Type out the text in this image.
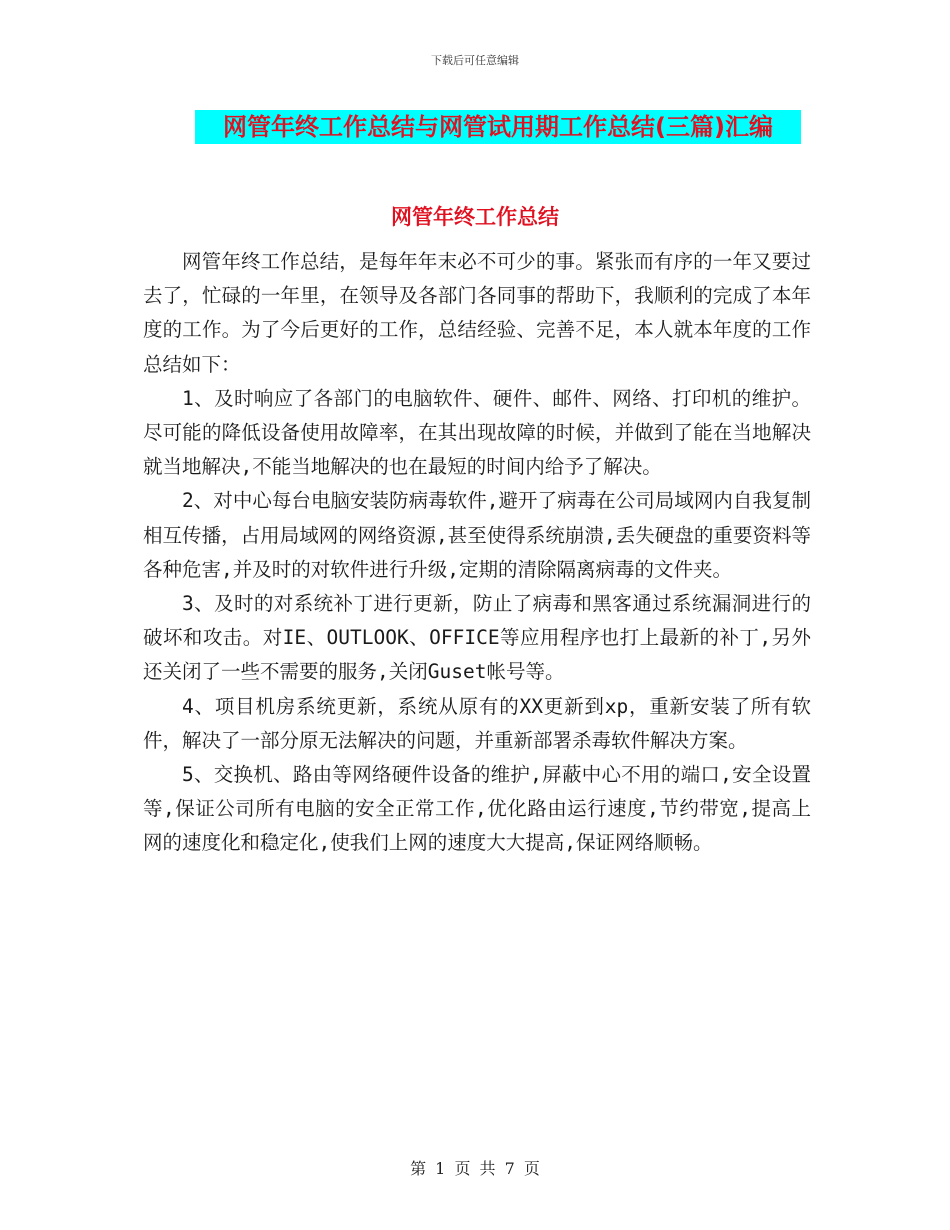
下载后可任意编辑
网管年终工作总结与网管试用期工作总结(三篇)汇编
网管年终工作总结

网管年终工作总结，是每年年末必不可少的事。紧张而有序的一年又要过去了，忙碌的一年里，在领导及各部门各同事的帮助下，我顺利的完成了本年度的工作。为了今后更好的工作，总结经验、完善不足，本人就本年度的工作总结如下：

1、及时响应了各部门的电脑软件、硬件、邮件、网络、打印机的维护。尽可能的降低设备使用故障率，在其出现故障的时候，并做到了能在当地解决就当地解决,不能当地解决的也在最短的时间内给予了解决。

2、对中心每台电脑安装防病毒软件,避开了病毒在公司局域网内自我复制相互传播，占用局域网的网络资源,甚至使得系统崩溃,丢失硬盘的重要资料等各种危害,并及时的对软件进行升级,定期的清除隔离病毒的文件夹。

3、及时的对系统补丁进行更新，防止了病毒和黑客通过系统漏洞进行的破坏和攻击。对IE、OUTLOOK、OFFICE等应用程序也打上最新的补丁,另外还关闭了一些不需要的服务,关闭Guset帐号等。

4、项目机房系统更新，系统从原有的XX更新到xp，重新安装了所有软件，解决了一部分原无法解决的问题，并重新部署杀毒软件解决方案。

5、交换机、路由等网络硬件设备的维护,屏蔽中心不用的端口,安全设置等,保证公司所有电脑的安全正常工作,优化路由运行速度,节约带宽,提高上网的速度化和稳定化,使我们上网的速度大大提高,保证网络顺畅。

第 1 页 共 7 页
